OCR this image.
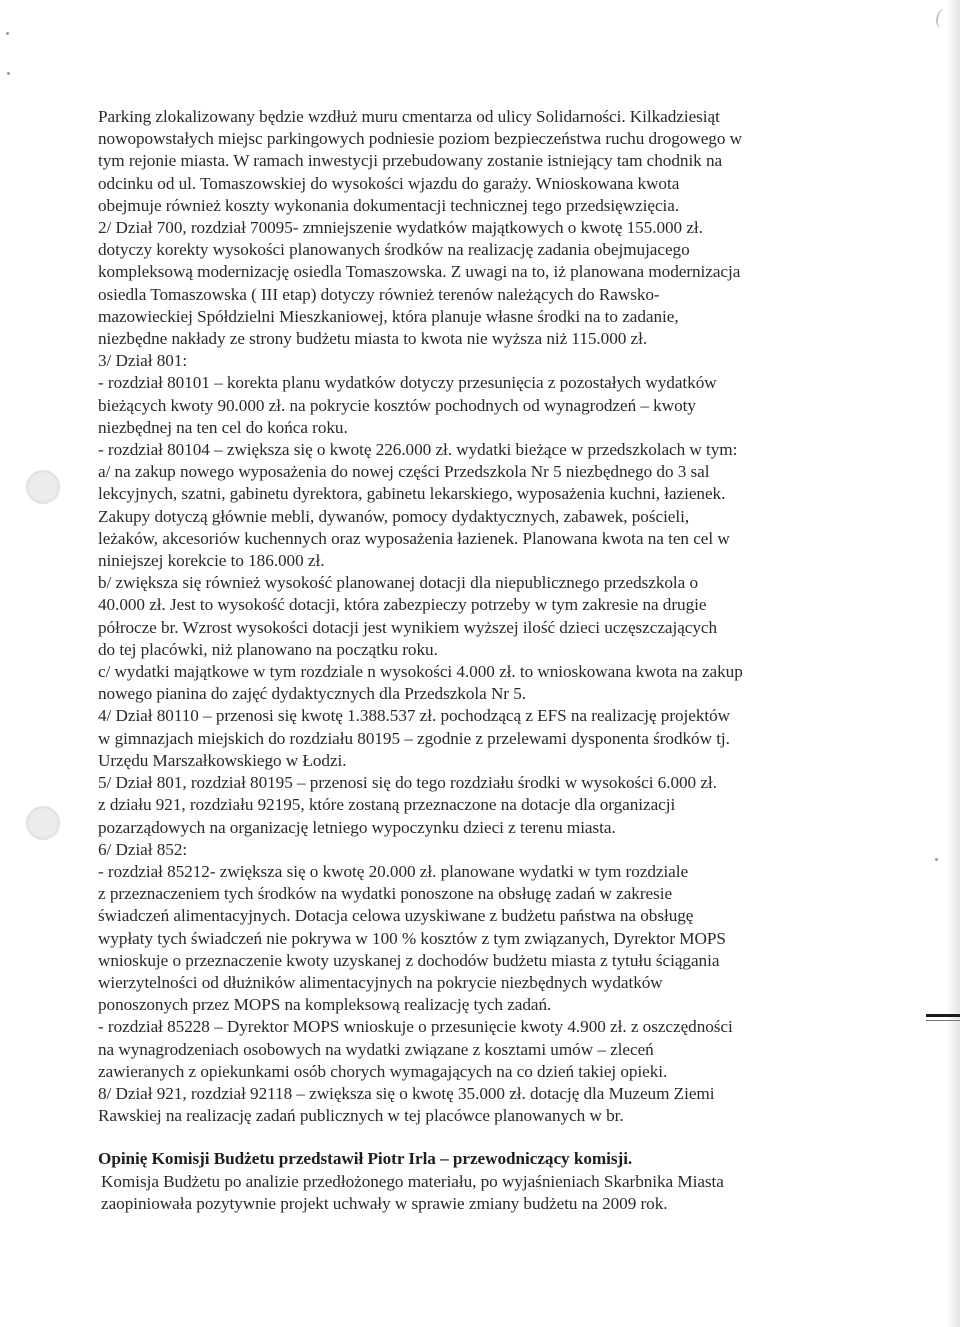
(
Parking zlokalizowany będzie wzdłuż muru cmentarza od ulicy Solidarności. Kilkadziesiąt
nowopowstałych miejsc parkingowych podniesie poziom bezpieczeństwa ruchu drogowego w
tym rejonie miasta. W ramach inwestycji przebudowany zostanie istniejący tam chodnik na
odcinku od ul. Tomaszowskiej do wysokości wjazdu do garaży. Wnioskowana kwota
obejmuje również koszty wykonania dokumentacji technicznej tego przedsięwzięcia.
2/ Dział 700, rozdział 70095- zmniejszenie wydatków majątkowych o kwotę 155.000 zł.
dotyczy korekty wysokości planowanych środków na realizację zadania obejmujacego
kompleksową modernizację osiedla Tomaszowska. Z uwagi na to, iż planowana modernizacja
osiedla Tomaszowska ( III etap) dotyczy również terenów należących do Rawsko-
mazowieckiej Spółdzielni Mieszkaniowej, która planuje własne środki na to zadanie,
niezbędne nakłady ze strony budżetu miasta to kwota nie wyższa niż 115.000 zł.
3/ Dział 801:
- rozdział 80101 – korekta planu wydatków dotyczy przesunięcia z pozostałych wydatków
bieżących kwoty 90.000 zł. na pokrycie kosztów pochodnych od wynagrodzeń – kwoty
niezbędnej na ten cel do końca roku.
- rozdział 80104 – zwiększa się o kwotę 226.000 zł. wydatki bieżące w przedszkolach w tym:
a/ na zakup nowego wyposażenia do nowej części Przedszkola Nr 5 niezbędnego do 3 sal
lekcyjnych, szatni, gabinetu dyrektora, gabinetu lekarskiego, wyposażenia kuchni, łazienek.
Zakupy dotyczą głównie mebli, dywanów, pomocy dydaktycznych, zabawek, pościeli,
leżaków, akcesoriów kuchennych oraz wyposażenia łazienek. Planowana kwota na ten cel w
niniejszej korekcie to 186.000 zł.
b/ zwiększa się również wysokość planowanej dotacji dla niepublicznego przedszkola o
40.000 zł. Jest to wysokość dotacji, która zabezpieczy potrzeby w tym zakresie na drugie
półrocze br. Wzrost wysokości dotacji jest wynikiem wyższej ilość dzieci uczęszczających
do tej placówki, niż planowano na początku roku.
c/ wydatki majątkowe w tym rozdziale n wysokości 4.000 zł. to wnioskowana kwota na zakup
nowego pianina do zajęć dydaktycznych dla Przedszkola Nr 5.
4/ Dział 80110 – przenosi się kwotę 1.388.537 zł. pochodzącą z EFS na realizację projektów
w gimnazjach miejskich do rozdziału 80195 – zgodnie z przelewami dysponenta środków tj.
Urzędu Marszałkowskiego w Łodzi.
5/ Dział 801, rozdział 80195 – przenosi się do tego rozdziału środki w wysokości 6.000 zł.
z działu 921, rozdziału 92195, które zostaną przeznaczone na dotacje dla organizacji
pozarządowych na organizację letniego wypoczynku dzieci z terenu miasta.
6/ Dział 852:
- rozdział 85212- zwiększa się o kwotę 20.000 zł. planowane wydatki w tym rozdziale
z przeznaczeniem tych środków na wydatki ponoszone na obsługę zadań w zakresie
świadczeń alimentacyjnych. Dotacja celowa uzyskiwane z budżetu państwa na obsługę
wypłaty tych świadczeń nie pokrywa w 100 % kosztów z tym związanych, Dyrektor MOPS
wnioskuje o przeznaczenie kwoty uzyskanej z dochodów budżetu miasta z tytułu ściągania
wierzytelności od dłużników alimentacyjnych na pokrycie niezbędnych wydatków
ponoszonych przez MOPS na kompleksową realizację tych zadań.
- rozdział 85228 – Dyrektor MOPS wnioskuje o przesunięcie kwoty 4.900 zł. z oszczędności
na wynagrodzeniach osobowych na wydatki związane z kosztami umów – zleceń
zawieranych z opiekunkami osób chorych wymagających na co dzień takiej opieki.
8/ Dział 921, rozdział 92118 – zwiększa się o kwotę 35.000 zł. dotację dla Muzeum Ziemi
Rawskiej na realizację zadań publicznych w tej placówce planowanych w br.
Opinię Komisji Budżetu przedstawił Piotr Irla – przewodniczący komisji.
Komisja Budżetu po analizie przedłożonego materiału, po wyjaśnieniach Skarbnika Miasta
zaopiniowała pozytywnie projekt uchwały w sprawie zmiany budżetu na 2009 rok.
